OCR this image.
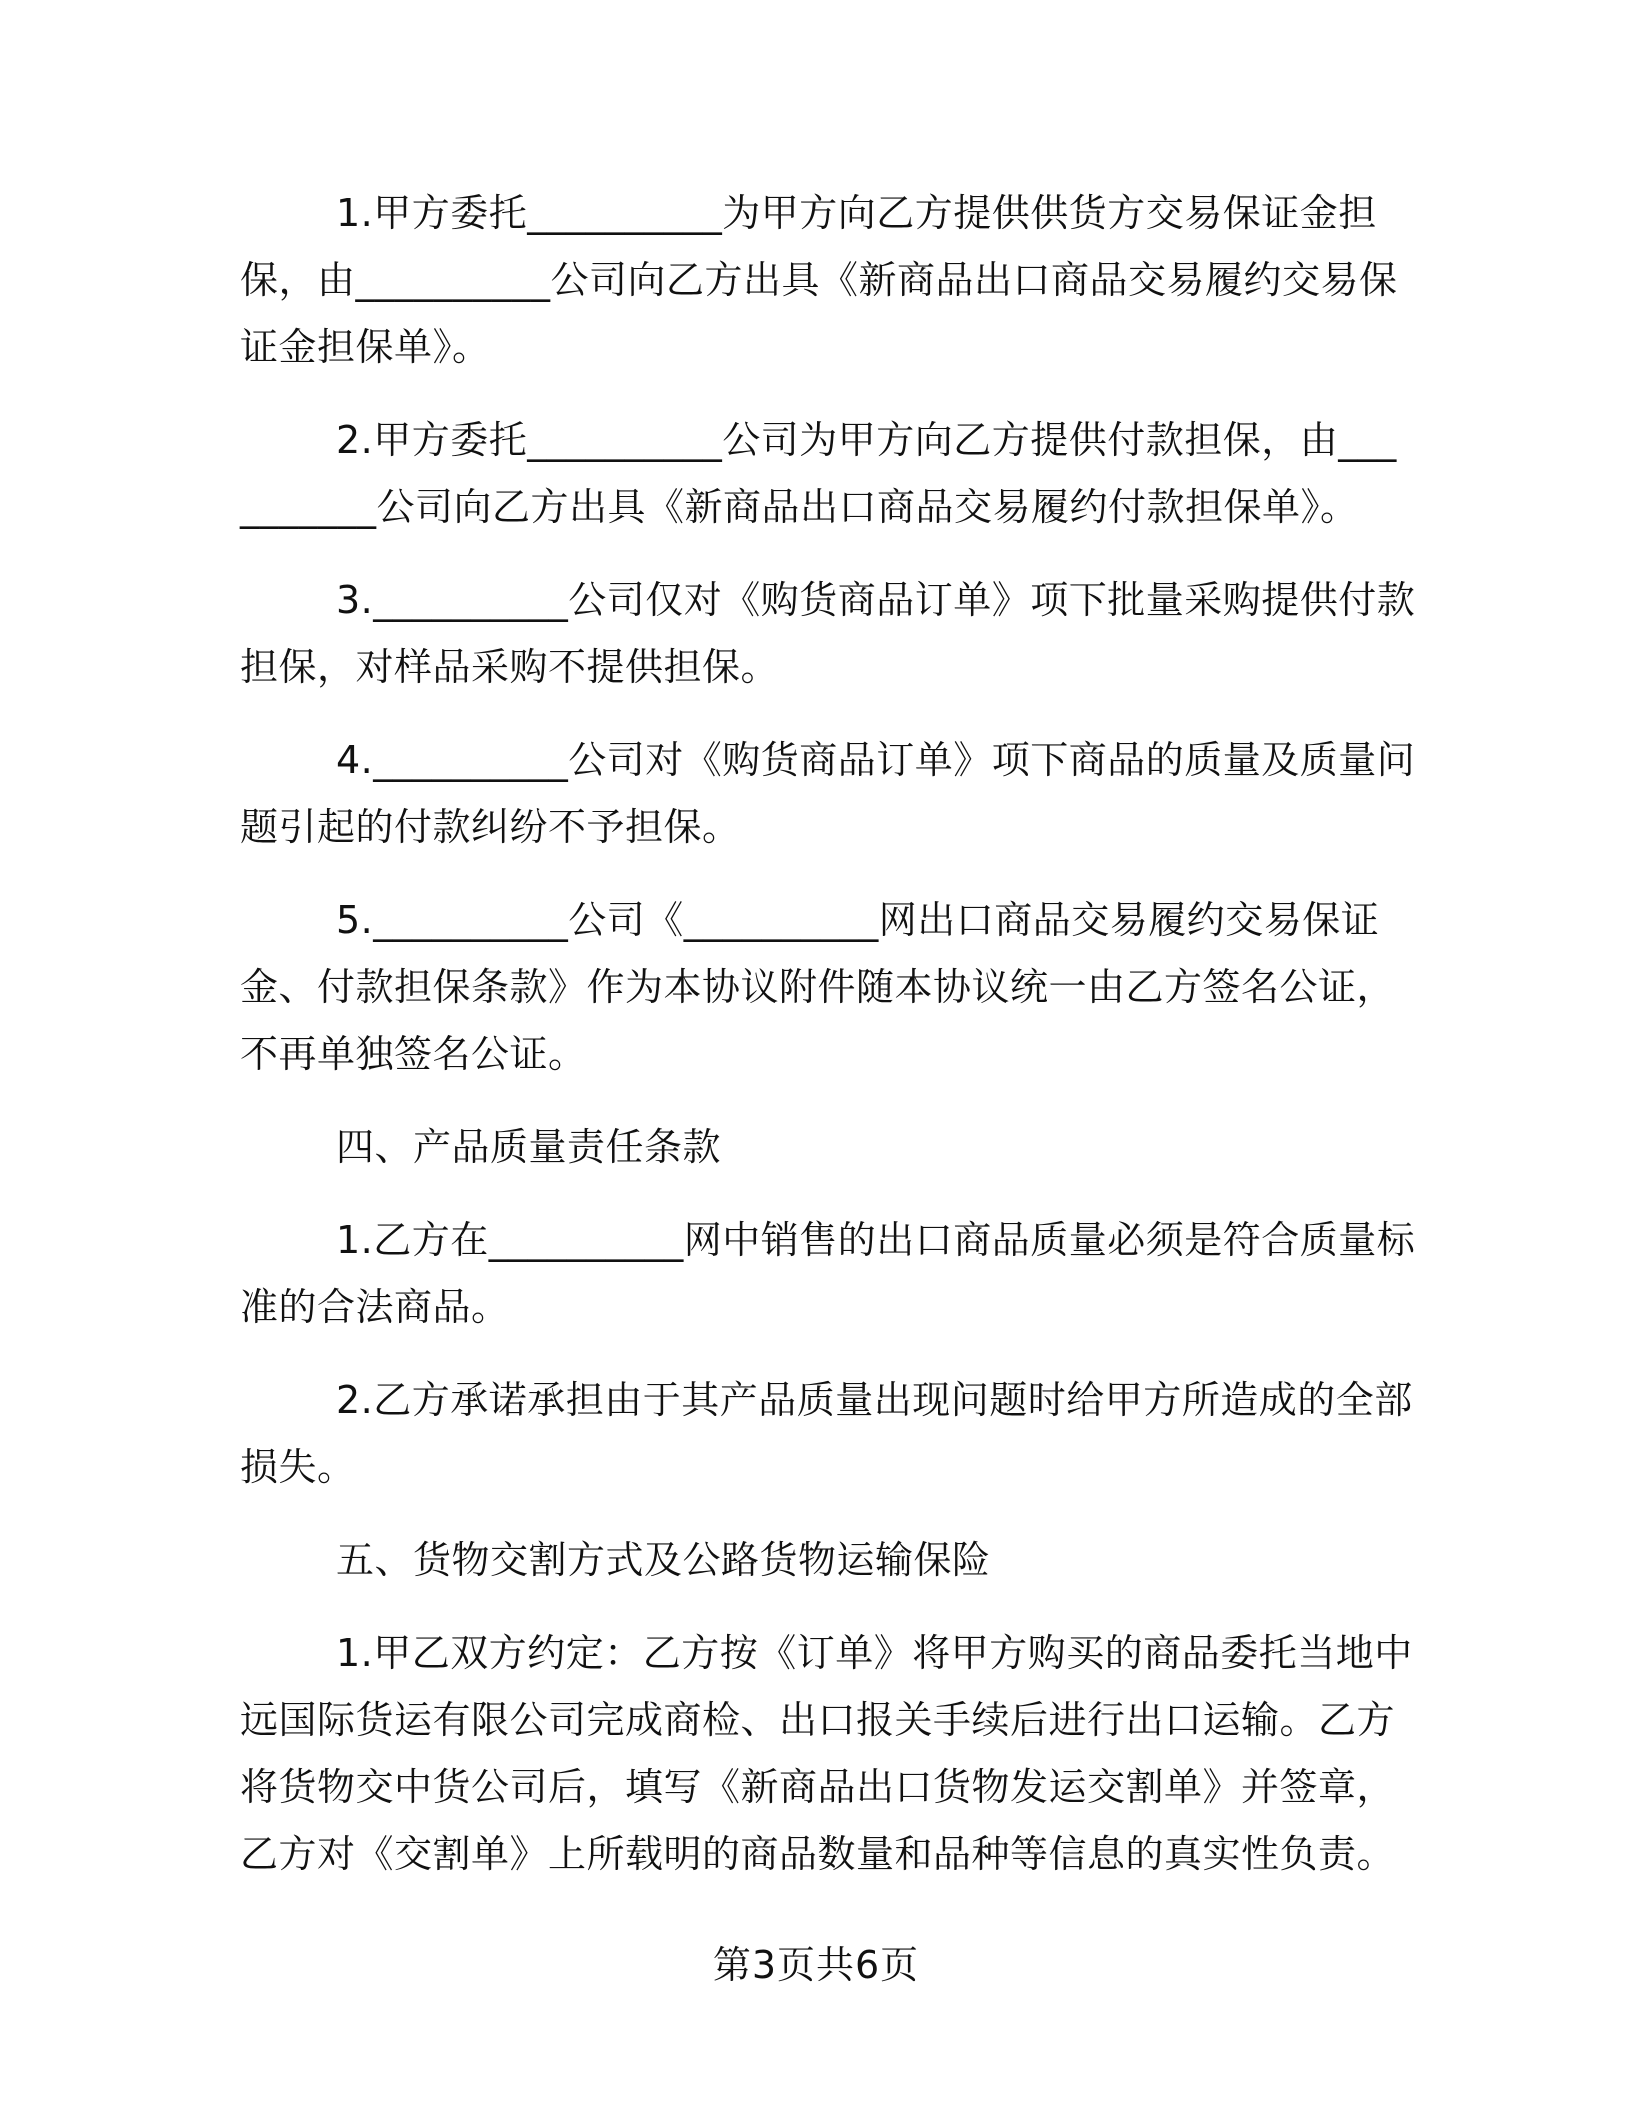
1.甲方委托__________为甲方向乙方提供供货方交易保证金担保，由__________公司向乙方出具《新商品出口商品交易履约交易保证金担保单》。

2.甲方委托__________公司为甲方向乙方提供付款担保，由__________公司向乙方出具《新商品出口商品交易履约付款担保单》。

3.__________公司仅对《购货商品订单》项下批量采购提供付款担保，对样品采购不提供担保。

4.__________公司对《购货商品订单》项下商品的质量及质量问题引起的付款纠纷不予担保。

5.__________公司《__________网出口商品交易履约交易保证金、付款担保条款》作为本协议附件随本协议统一由乙方签名公证，不再单独签名公证。

四、产品质量责任条款

1.乙方在__________网中销售的出口商品质量必须是符合质量标准的合法商品。

2.乙方承诺承担由于其产品质量出现问题时给甲方所造成的全部损失。

五、货物交割方式及公路货物运输保险

1.甲乙双方约定：乙方按《订单》将甲方购买的商品委托当地中远国际货运有限公司完成商检、出口报关手续后进行出口运输。乙方将货物交中货公司后，填写《新商品出口货物发运交割单》并签章，乙方对《交割单》上所载明的商品数量和品种等信息的真实性负责。

第3页共6页
